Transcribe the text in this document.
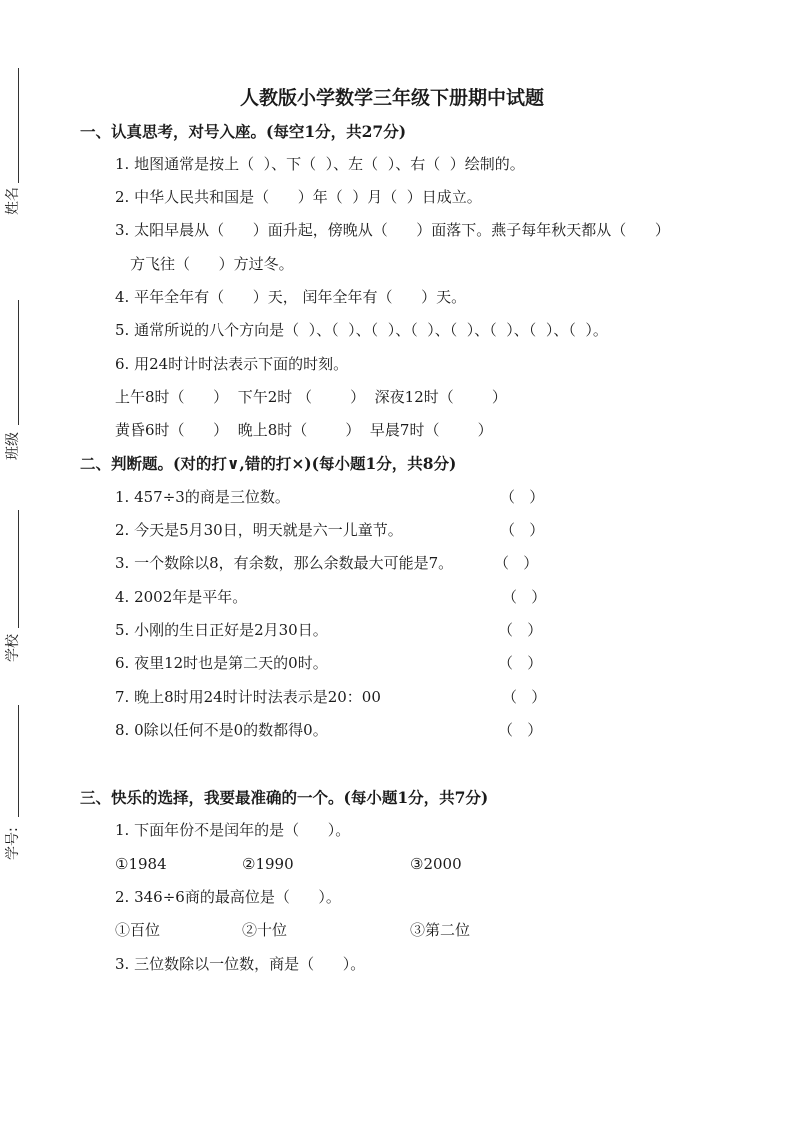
姓名
班级
学校
学号:
人教版小学数学三年级下册期中试题
一、认真思考，对号入座。(每空1分，共27分)
1. 地图通常是按上（  ）、下（  ）、左（  ）、右（  ）绘制的。
2. 中华人民共和国是（      ）年（  ）月（  ）日成立。
3. 太阳早晨从（      ）面升起，傍晚从（      ）面落下。燕子每年秋天都从（      ）
方飞往（      ）方过冬。
4. 平年全年有（      ）天， 闰年全年有（      ）天。
5. 通常所说的八个方向是（  ）、（  ）、（  ）、（  ）、（  ）、（  ）、（  ）、（  ）。
6. 用24时计时法表示下面的时刻。
上午8时（      ）  下午2时 （        ）  深夜12时（        ）
黄昏6时（      ）  晚上8时（        ）  早晨7时（        ）
二、判断题。(对的打∨,错的打×)(每小题1分，共8分)
1. 457÷3的商是三位数。	（   ）
2. 今天是5月30日，明天就是六一儿童节。	（   ）
3. 一个数除以8，有余数，那么余数最大可能是7。	（   ）
4. 2002年是平年。	（   ）
5. 小刚的生日正好是2月30日。	（   ）
6. 夜里12时也是第二天的0时。	（   ）
7. 晚上8时用24时计时法表示是20：00	（   ）
8. 0除以任何不是0的数都得0。	（   ）
三、快乐的选择，我要最准确的一个。(每小题1分，共7分)
1. 下面年份不是闰年的是（      ）。
①1984	②1990	③2000
2. 346÷6商的最高位是（      ）。
①百位	②十位	③第二位
3. 三位数除以一位数，商是（      ）。
